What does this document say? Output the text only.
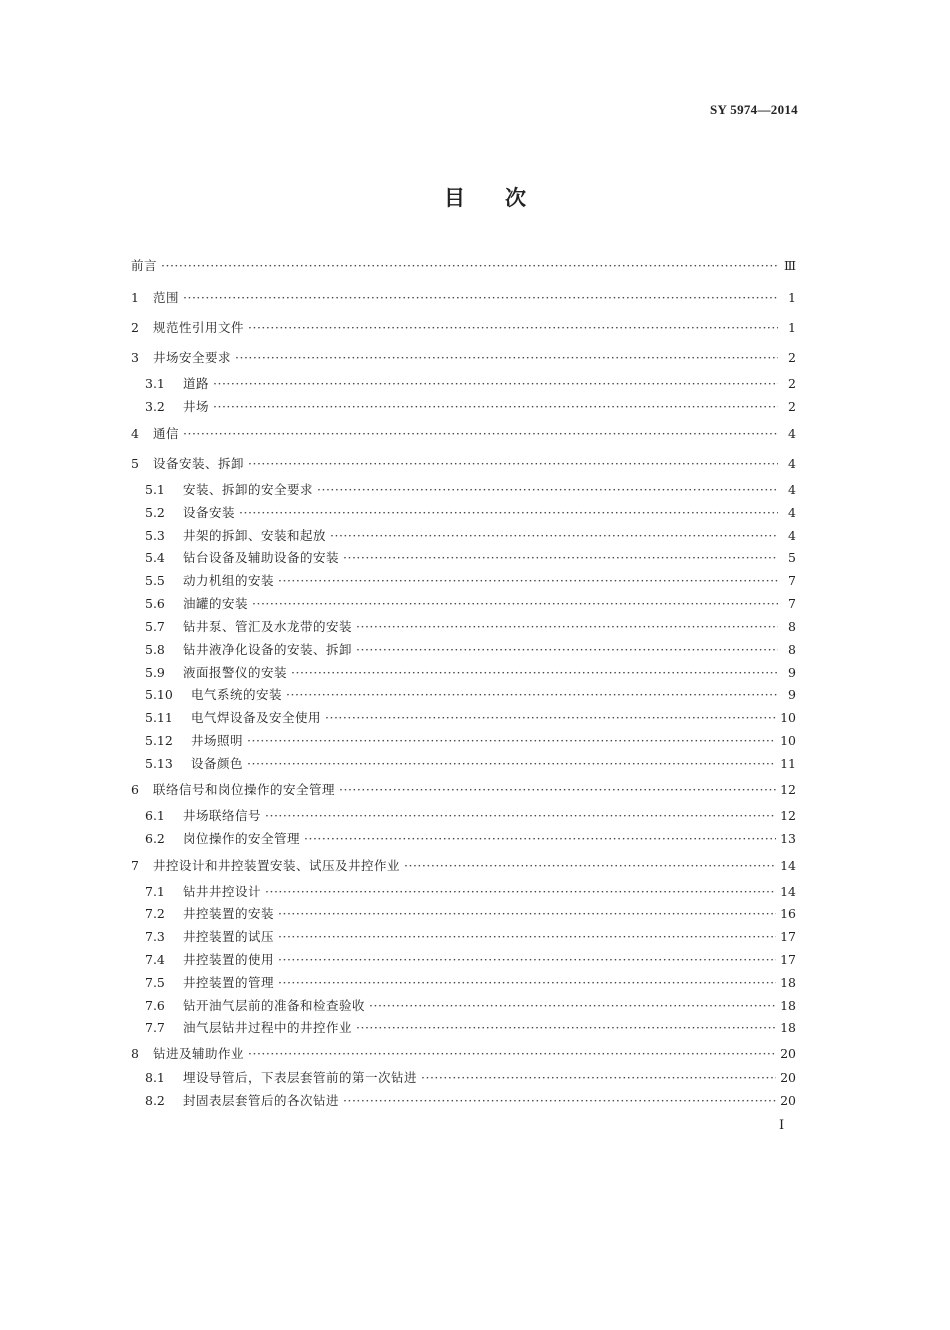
SY 5974—2014
目次
前言 ·····	Ⅲ
1	范围 ·····	1
2	规范性引用文件 ·····	1
3	井场安全要求 ·····	2
3.1	道路 ·····	2
3.2	井场 ·····	2
4	通信 ·····	4
5	设备安装、拆卸 ·····	4
5.1	安装、拆卸的安全要求 ·····	4
5.2	设备安装 ·····	4
5.3	井架的拆卸、安装和起放 ·····	4
5.4	钻台设备及辅助设备的安装 ·····	5
5.5	动力机组的安装 ·····	7
5.6	油罐的安装 ·····	7
5.7	钻井泵、管汇及水龙带的安装 ·····	8
5.8	钻井液净化设备的安装、拆卸 ·····	8
5.9	液面报警仪的安装 ·····	9
5.10	电气系统的安装 ·····	9
5.11	电气焊设备及安全使用 ·····	10
5.12	井场照明 ·····	10
5.13	设备颜色 ·····	11
6	联络信号和岗位操作的安全管理 ·····	12
6.1	井场联络信号 ·····	12
6.2	岗位操作的安全管理 ·····	13
7	井控设计和井控装置安装、试压及井控作业 ·····	14
7.1	钻井井控设计 ·····	14
7.2	井控装置的安装 ·····	16
7.3	井控装置的试压 ·····	17
7.4	井控装置的使用 ·····	17
7.5	井控装置的管理 ·····	18
7.6	钻开油气层前的准备和检查验收 ·····	18
7.7	油气层钻井过程中的井控作业 ·····	18
8	钻进及辅助作业 ·····	20
8.1	埋设导管后，下表层套管前的第一次钻进 ·····	20
8.2	封固表层套管后的各次钻进 ·····	20
Ⅰ
